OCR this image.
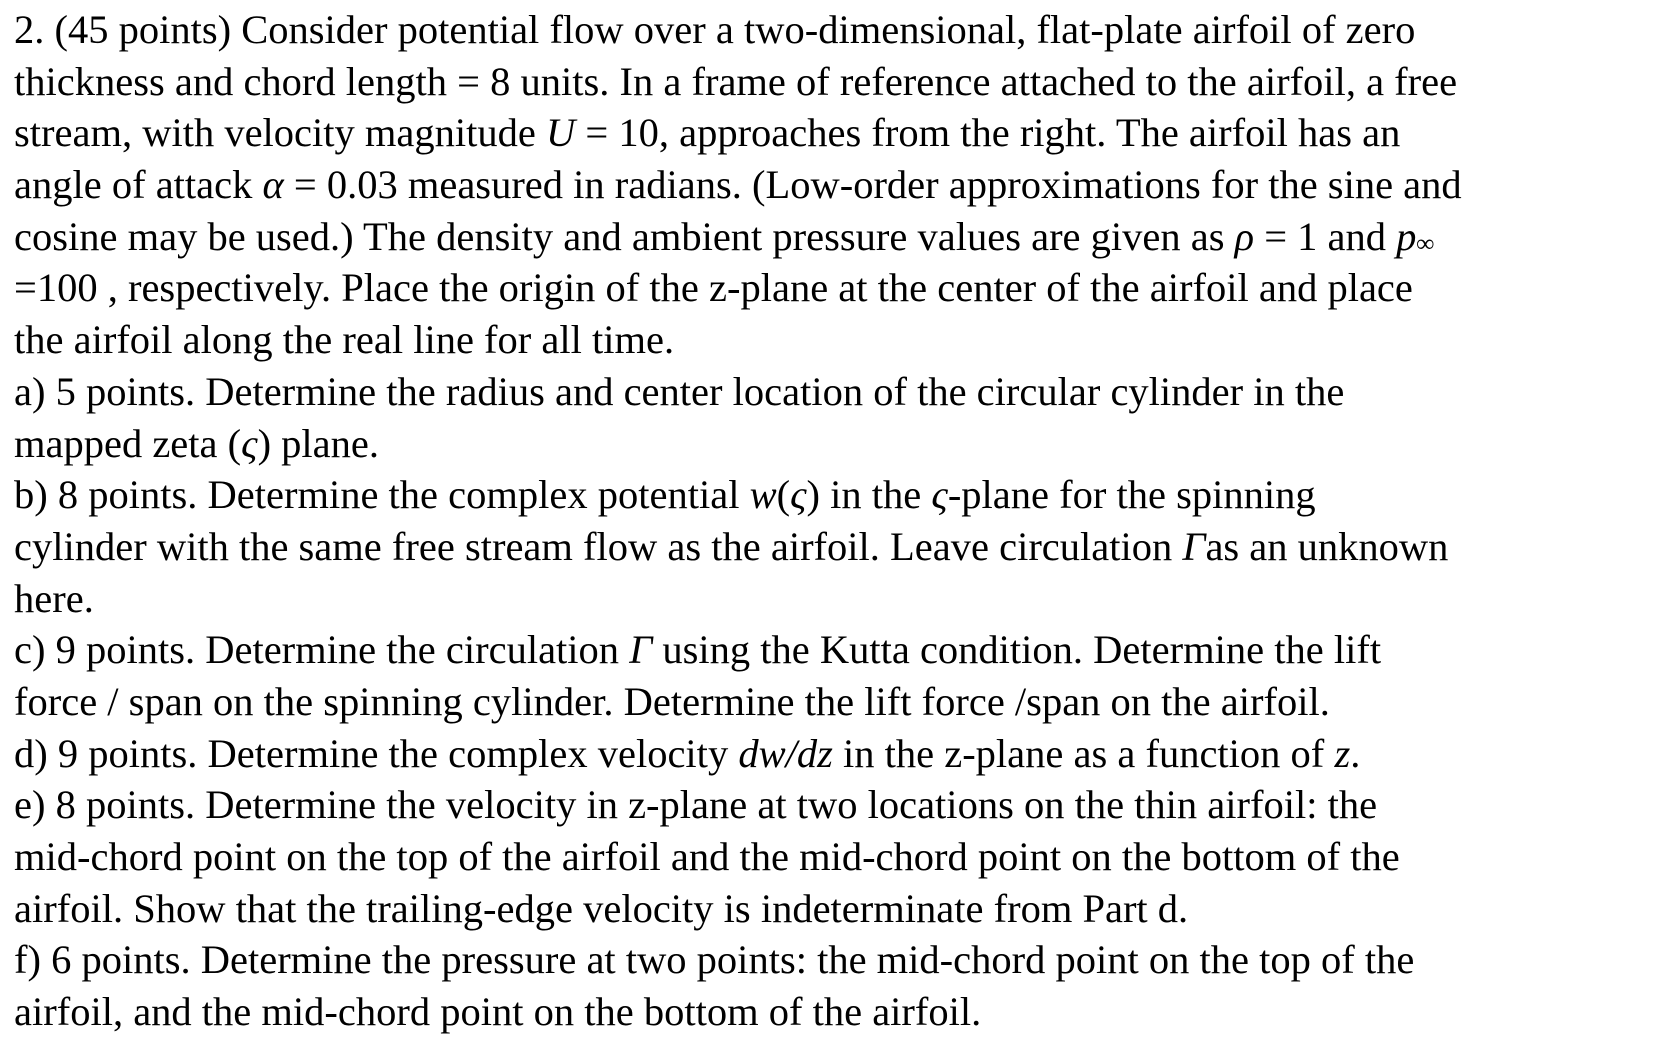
2. (45 points) Consider potential flow over a two-dimensional, flat-plate airfoil of zero
thickness and chord length = 8 units. In a frame of reference attached to the airfoil, a free
stream, with velocity magnitude U = 10, approaches from the right. The airfoil has an
angle of attack α = 0.03 measured in radians. (Low-order approximations for the sine and
cosine may be used.) The density and ambient pressure values are given as ρ = 1 and p∞
=100 , respectively. Place the origin of the z-plane at the center of the airfoil and place
the airfoil along the real line for all time.
a) 5 points. Determine the radius and center location of the circular cylinder in the
mapped zeta (ς) plane.
b) 8 points. Determine the complex potential w(ς) in the ς-plane for the spinning
cylinder with the same free stream flow as the airfoil. Leave circulation Γas an unknown
here.
c) 9 points. Determine the circulation Γ using the Kutta condition. Determine the lift
force / span on the spinning cylinder. Determine the lift force /span on the airfoil.
d) 9 points. Determine the complex velocity dw/dz in the z-plane as a function of z.
e) 8 points. Determine the velocity in z-plane at two locations on the thin airfoil: the
mid-chord point on the top of the airfoil and the mid-chord point on the bottom of the
airfoil. Show that the trailing-edge velocity is indeterminate from Part d.
f) 6 points. Determine the pressure at two points: the mid-chord point on the top of the
airfoil, and the mid-chord point on the bottom of the airfoil.
